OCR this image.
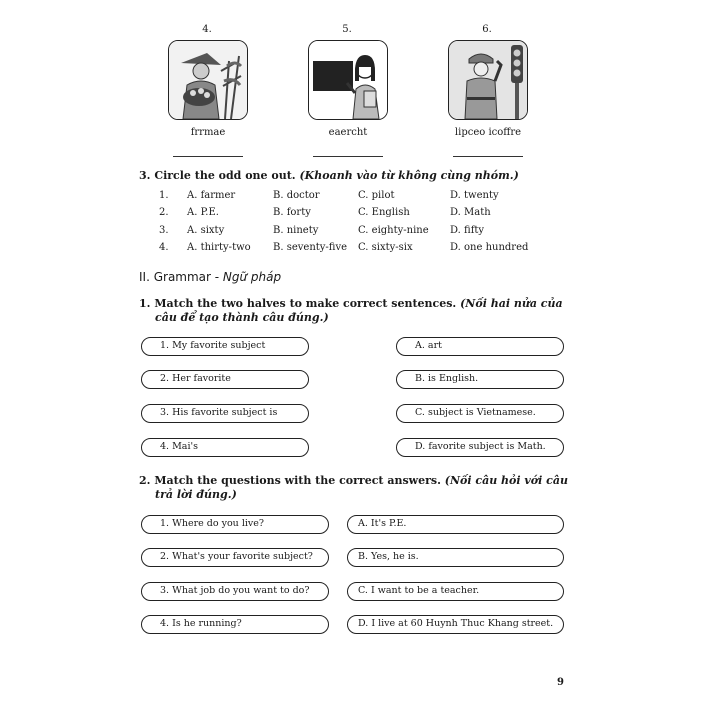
4.	5.	6.
frrmae	eaercht	lipceo icoffre
3. Circle the odd one out. (Khoanh vào từ không cùng nhóm.)
1. A. farmer	B. doctor	C. pilot	D. twenty
2. A. P.E.	B. forty	C. English	D. Math
3. A. sixty	B. ninety	C. eighty-nine D. fifty
4. A. thirty-two B. seventy-five C. sixty-six	D. one hundred
II. Grammar - Ngữ pháp
1. Match the two halves to make correct sentences. (Nối hai nửa của
câu để tạo thành câu đúng.)
1. My favorite subject
2. Her favorite
3. His favorite subject is
4. Mai's
A. art
B. is English.
C. subject is Vietnamese.
D. favorite subject is Math.
2. Match the questions with the correct answers. (Nối câu hỏi với câu
trả lời đúng.)
1. Where do you live?
2. What's your favorite subject?
3. What job do you want to do?
4. Is he running?
A. It's P.E.
B. Yes, he is.
C. I want to be a teacher.
D. I live at 60 Huynh Thuc Khang street.
9
